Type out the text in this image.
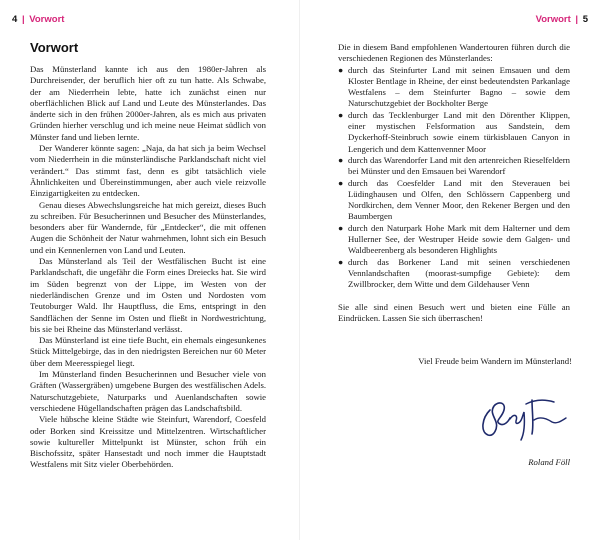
4 | Vorwort
Vorwort

Das Münsterland kannte ich aus den 1980er-Jahren als Durchreisender, der beruflich hier oft zu tun hatte. Als Schwabe, der am Niederrhein lebte, hatte ich zunächst einen nur oberflächlichen Blick auf Land und Leute des Münsterlandes. Das änderte sich in den frühen 2000er-Jahren, als es mich aus privaten Gründen hierher verschlug und ich meine neue Heimat südlich von Münster fand und lieben lernte.

Der Wanderer könnte sagen: „Naja, da hat sich ja beim Wechsel vom Niederrhein in die münsterländische Parklandschaft nicht viel verändert.“ Das stimmt fast, denn es gibt tatsächlich viele Ähnlichkeiten und Übereinstimmungen, aber auch viele reizvolle Einzigartigkeiten zu entdecken.

Genau dieses Abwechslungsreiche hat mich gereizt, dieses Buch zu schreiben. Für Besucherinnen und Besucher des Münsterlandes, besonders aber für Wandernde, für „Entdecker“, die mit offenen Augen die Schönheit der Natur wahrnehmen, lohnt sich ein Besuch und ein Kennenlernen von Land und Leuten.

Das Münsterland als Teil der Westfälischen Bucht ist eine Parklandschaft, die ungefähr die Form eines Dreiecks hat. Sie wird im Süden begrenzt von der Lippe, im Westen von der niederländischen Grenze und im Osten und Nordosten vom Teutoburger Wald. Ihr Hauptfluss, die Ems, entspringt in den Sandflächen der Senne im Osten und fließt in Nordwestrichtung, bis sie bei Rheine das Münsterland verlässt.

Das Münsterland ist eine tiefe Bucht, ein ehemals eingesunkenes Stück Mittelgebirge, das in den niedrigsten Bereichen nur 60 Meter über dem Meeresspiegel liegt.

Im Münsterland finden Besucherinnen und Besucher viele von Gräften (Wassergräben) umgebene Burgen des westfälischen Adels. Naturschutzgebiete, Naturparks und Auenlandschaften sowie verschiedene Hügellandschaften prägen das Landschaftsbild.

Viele hübsche kleine Städte wie Steinfurt, Warendorf, Coesfeld oder Borken sind Kreissitze und Mittelzentren. Wirtschaftlicher sowie kultureller Mittelpunkt ist Münster, schon früh ein Bischofssitz, später Hansestadt und noch immer die Hauptstadt Westfalens mit Sitz vieler Oberbehörden.

Vorwort | 5

Die in diesem Band empfohlenen Wandertouren führen durch die verschiedenen Regionen des Münsterlandes:

● durch das Steinfurter Land mit seinen Emsauen und dem Kloster Bentlage in Rheine, der einst bedeutendsten Parkanlage Westfalens – dem Steinfurter Bagno – sowie dem Naturschutzgebiet der Bockholter Berge
● durch das Tecklenburger Land mit den Dörenther Klippen, einer mystischen Felsformation aus Sandstein, dem Dyckerhoff-Steinbruch sowie einem türkisblauen Canyon in Lengerich und dem Kattenvenner Moor
● durch das Warendorfer Land mit den artenreichen Rieselfeldern bei Münster und den Emsauen bei Warendorf
● durch das Coesfelder Land mit den Steverauen bei Lüdinghausen und Olfen, den Schlössern Cappenberg und Nordkirchen, dem Venner Moor, den Rekener Bergen und den Baumbergen
● durch den Naturpark Hohe Mark mit dem Halterner und dem Hullerner See, der Westruper Heide sowie dem Galgen- und Waldbeerenberg als besonderen Highlights
● durch das Borkener Land mit seinen verschiedenen Vennlandschaften (moorast-sumpfige Gebiete): dem Zwillbrocker, dem Witte und dem Gildehauser Venn

Sie alle sind einen Besuch wert und bieten eine Fülle an Eindrücken. Lassen Sie sich überraschen!

Viel Freude beim Wandern im Münsterland!
Roland Föll
